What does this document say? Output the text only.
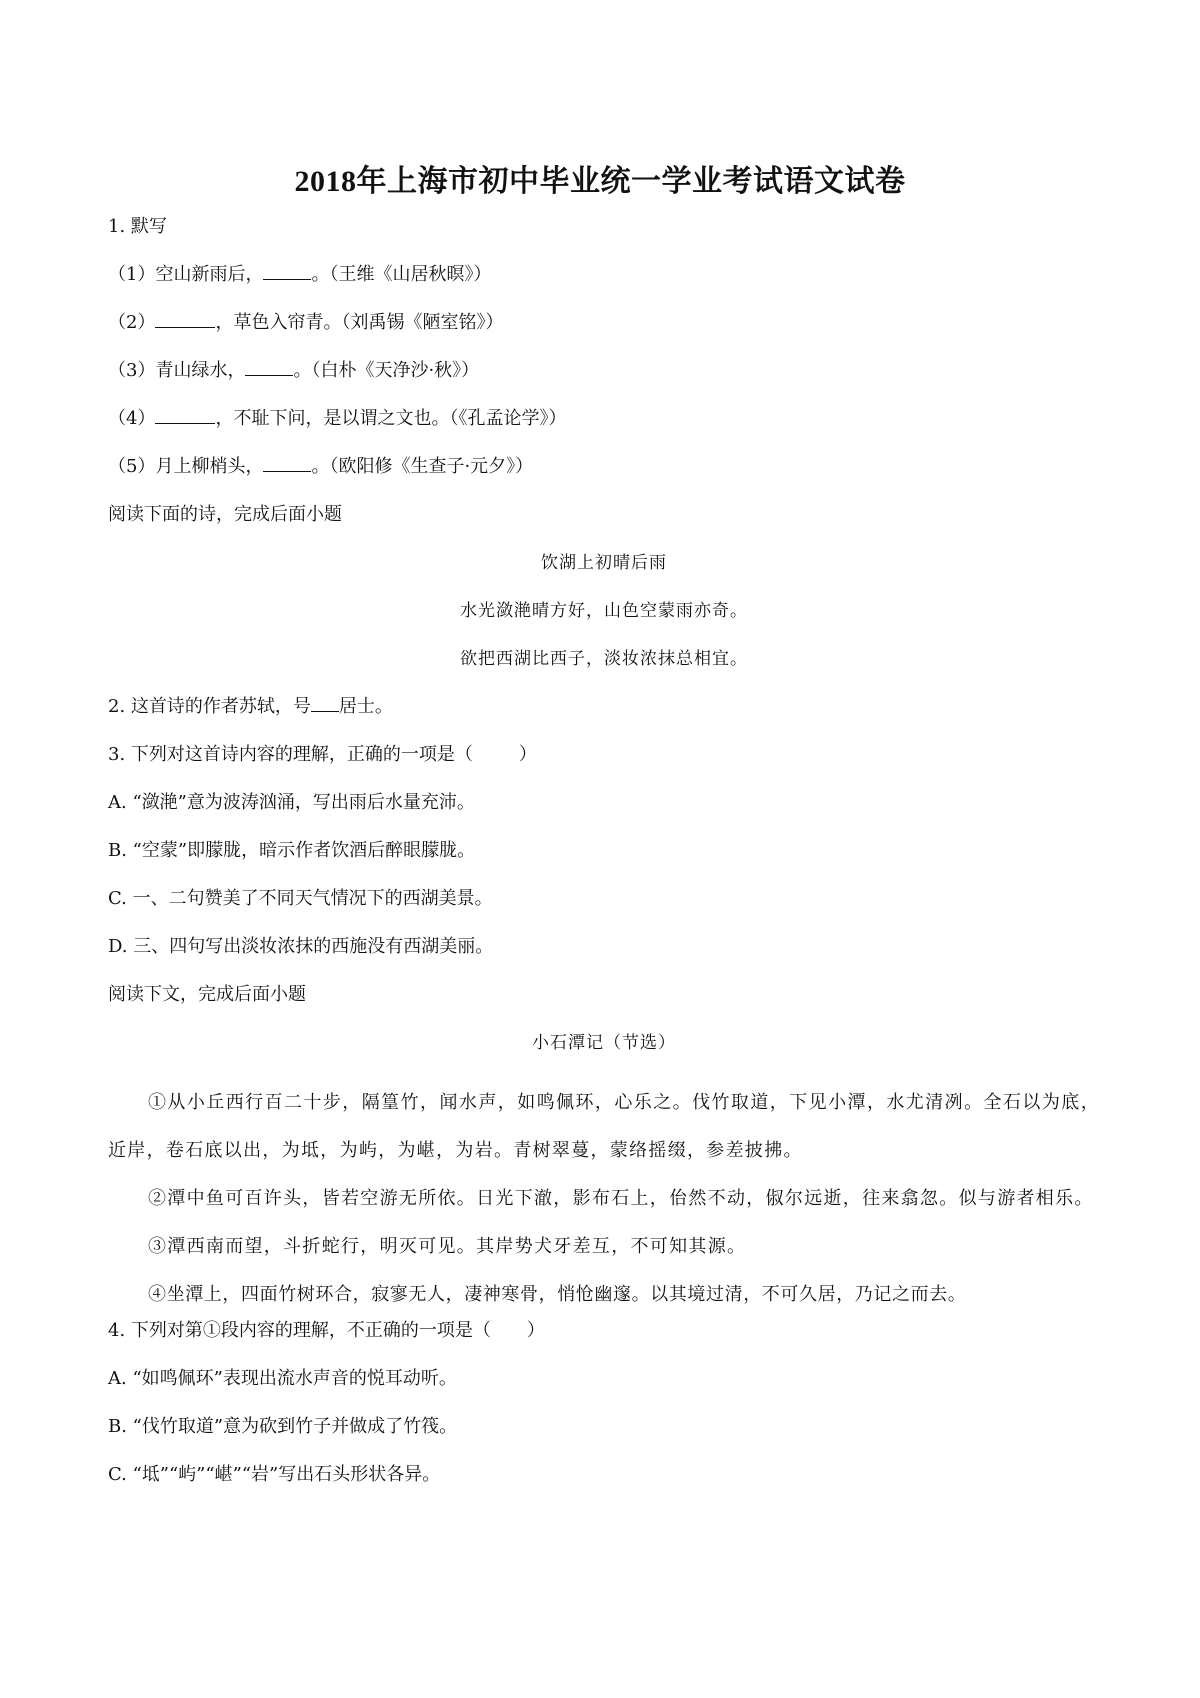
2018年上海市初中毕业统一学业考试语文试卷
1. 默写
（1）空山新雨后，	。（王维《山居秋暝》）
（2）	，草色入帘青。（刘禹锡《陋室铭》）
（3）青山绿水，	。（白朴《天净沙·秋》）
（4）	，不耻下问，是以谓之文也。（《孔孟论学》）
（5）月上柳梢头，	。（欧阳修《生查子·元夕》）
阅读下面的诗，完成后面小题
饮湖上初晴后雨
水光潋滟晴方好，山色空蒙雨亦奇。
欲把西湖比西子，淡妆浓抹总相宜。
2. 这首诗的作者苏轼，号 居士。
3. 下列对这首诗内容的理解，正确的一项是（	）
A. “潋滟”意为波涛汹涌，写出雨后水量充沛。
B. “空蒙”即朦胧，暗示作者饮酒后醉眼朦胧。
C. 一、二句赞美了不同天气情况下的西湖美景。
D. 三、四句写出淡妆浓抹的西施没有西湖美丽。
阅读下文，完成后面小题
小石潭记（节选）
①从小丘西行百二十步，隔篁竹，闻水声，如鸣佩环，心乐之。伐竹取道，下见小潭，水尤清冽。全石以为底，近岸，卷石底以出，为坻，为屿，为嵁，为岩。青树翠蔓，蒙络摇缀，参差披拂。
②潭中鱼可百许头，皆若空游无所依。日光下澈，影布石上，佁然不动，俶尔远逝，往来翕忽。似与游者相乐。
③潭西南而望，斗折蛇行，明灭可见。其岸势犬牙差互，不可知其源。
④坐潭上，四面竹树环合，寂寥无人，凄神寒骨，悄怆幽邃。以其境过清，不可久居，乃记之而去。
4. 下列对第①段内容的理解，不正确的一项是（ ）
A. “如鸣佩环”表现出流水声音的悦耳动听。
B. “伐竹取道”意为砍到竹子并做成了竹筏。
C. “坻”“屿”“嵁”“岩”写出石头形状各异。
